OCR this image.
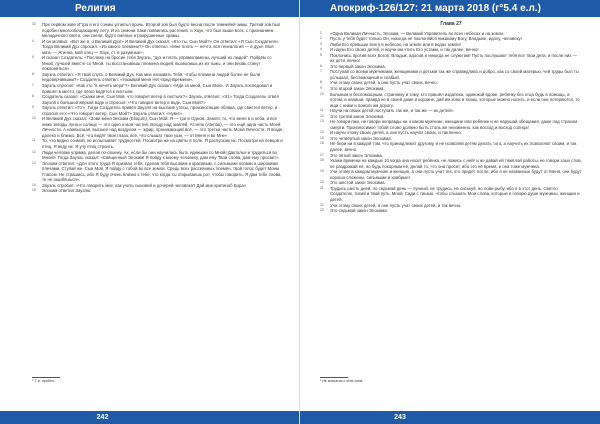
Религия
32 При первом зове И"гра и его сонмы углилъл прочь. Второй зов был будто весна после темнейей зимы. Третий зов был подобен многообещающему лету. И из семени Хаки появились растения, и Хаук, что был выше всех, с признанием мелодичного света, они снели, будто смелые и разрушенные храмы.
4 И он молвил: «Вот же я, о Великий Дух!» И Великий Дух сказал: «Кто ты, Сын Мой?» Он ответил: «Я Сын Создателя». Тогда Великий Дух спросил: «Из какого племени?» Он ответил: «Мне плоть — нечто, вся генеалогия — в духе. Моя мать — Ж'инна, мой отец — Хаук, ст. в разумные».
5 И сказал Создатель: «Послежу на бросие тебя Зауэль, "дух и плоть упрамопамены, лучший из людей". Пойдём со Мной, лучшей вместе со Мной, ты восстановишь племена людей, вызволишь их из тьмы, и они вновь станут поклоняться».
6 Зауэль ответил: «Я твой слуга, о Великий Дух. Как мне называть Тебя, чтобы племена людей более не были недоверчивыми?» Создатель ответил: «Называй меня Нет-пред-Времени».
7 Зауэль спросил: «Как это "в нечеть мера"?» Великий Дух сказал: «Иди за мной, Сын Мой». И Зауэль последовал и пришёл в место, где лёгко ведётся к листьям.
8 Создатель сказал: «Скажи мне, Сын Мой, что говорит ветер в листьях?» Зауэль ответил: «Э1» Тогда Создатель отвёл Зауэля к большой жёркой воде и спросил: «Что говорит ветер в воде, Сын Мой?»
9 Зауэль ответил: «Го'». Тогда Создатель привёл Зауэля на высокие утёсы, произносящие облака, где свистел ветер, и спросил его: «Что говорит ветер, Сын Мой?» Зауэль ответил: «Нувн!»
10 И Великий Дух сказал: «Зови меня Элохим (Eloqum), Сын Мой: Я — три в Одном. Земля, то, что меня в и неба, и всё ниже звёзды луна и солнце — это одно и моя частей. Всюду над землёй, Атэнтю (Atentia), — это ещё одна часть Моей Личности. А наивысшая, высшее над воздухом — эфир, проникающий всё, — это третья часть Моей Личности. Я везде, далеко и близко. Всё, что видят твои глаза, всё, что слышат твои уши, — от Меня и во Мне».
11 То, что видно сонмой, не испытывает трудностей. Посмотри же на цветы в поле. Я распускаю их. Посмотри на певцов и птиц. Я веду их. Я учу птиц строить.
12 Люди человек упряма, делая по-своему. Ах, если бы они научились быть едиными со Мной! Дакталья и трудиться во Мной!» Тогда Зауэль сказал: «Священный Элохим! Я пойду к моему человеку, дам ему Твои слова, дам ему просвет».
13 Элохим ответил: «Для этого труда Я призвал тебя, сделав тебя высоким и красивым, с сильными ногами и широкими плечами. Ступай же, Сын Мой, Я пойду с тобой во все земли. Средь всех рассеянных племён, твой голос будет Моим Гласом. Не страшись, ибо Я буду очень близко к тебе, что когда ты открываешь рот, чтобы говорить, Я дам тебе слова, те не ошибёшься».
14 Зауэль спросил: «Что говорить мне, как учить сыновей и дочерей человека? Дай мне критиноб Бора».
15 Элохим ответил Зауэлю:
¹ Т. е. пробел.
242
Апокриф-126/127: 21 марта 2018 (ᴦ°5.4 е.л.)
Глава 27
1 «Одна Великая Личность, Элохим, — Великий Управитель во всех небесах и на земле.
2 Пусть у тебя будет только Он, никогда не поклоняйся никакому Богу, Владыке, идолу, человеку!
3 Люби Его превыше всего в небесах, на земле или в водах земли!
4 И научи Его своих детей, и научи им чтить Его устами, и так далее, вечно!
5 Поклонись против всех Богов, Владык, идолов и никогда не служи им! Пусть послушают тебя все твои дети, и после них — их дети, вечно!
6 Это первый закон Элохима.
7 Поступай со всеми мужчинами, женщинами и детьми так же справедливо и добро, как со своей матерью, чей труды был ты услышал, беспомощный и слабый.
8 Учи этому своих детей, а они пусть учат своих, вечно.
9 Это второй закон Элохима.
10 Больным и беспомощным, страннику и тому, кто пришёл издалека, одинокой вдове, ребёнку без отца будь в помощь, а потом, и напиши, правда не в своей доме и корзине, дай им кони и тканы, которые можно носить, и если они потеряются, то ищи с ними и помоги им дорогу.
11 Научи на своих детей поступать так же, и так же — их детей».
12 Это третий закон Элохима.
13 Не говори лжи, не говори неправды ни о каком мужчине, женщине или ребёнке и не нарушай обещания, даже под страхом смерти. Произносимое тобой слово должно быть столь же неизменно, как восход и восход солнца!
14 И научи этому своих детей, а они пусть научат своих, и так вечно.
15 Это четвёртый закон Элохима.
16 Не бери ни в каждой том, что принадлежит другому, и не позволяй детям делать того, а научить их позволяют своим, и так далее, вечно.
17 Это пятый закон Элохима.
18 Укажи времени на каждые 10 когда она носит ребёнка, не ложись с ней¹ и не давай ей тяжёлой работы, не говори злых слов, не раздражай её, но будь покорным её, делай то, что она просит, ибо это её время, и она тоже мужчина.
19 Учи этому в каждом мужчине и женщин, а они пусть учат тех, кто придёт после, ибо я не названные будут от Меня, они будут хорошо сложены, сильными и храбрые!
20 Это шестой закон Элохима.
21 Трудись шесть дней, по седьмой день — лунный, не трудись, не сиськуй, но лови рыбу, ибо я в этот день. Светло Создателю, тихий и твой путь. Мной. Сиди с тишью, чтобы слышать Мои слова, которые я говорю душе мужчины, женщин и детей.
22 Учи этому своих детей, а они пусть учат своих детей, и так вечно.
23 Это седьмой закон Элохима.
¹ Не значатся с этих слов.
243
